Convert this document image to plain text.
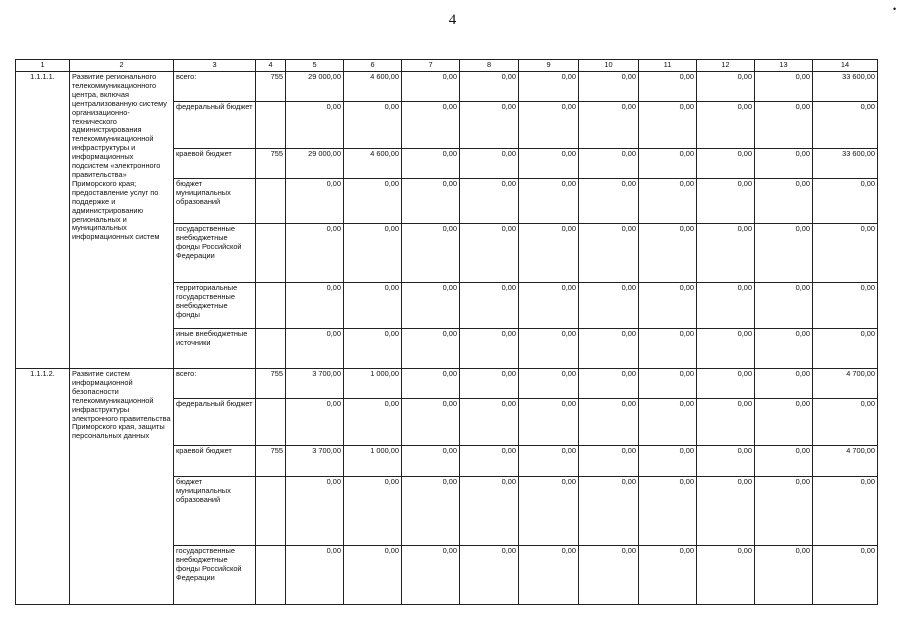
4
•
1	2	3	4	5	6	7	8	9	10	11	12	13	14
1.1.1.1.	Развитие регионального телекоммуникационного центра, включая централизованную систему организационно-технического администрирования телекоммуникационной инфраструктуры и информационных подсистем «электронного правительства» Приморского края; предоставление услуг по поддержке и администрированию региональных и муниципальных информационных систем	всего:	755	29 000,00	4 600,00	0,00	0,00	0,00	0,00	0,00	0,00	0,00	33 600,00
		федеральный бюджет		0,00	0,00	0,00	0,00	0,00	0,00	0,00	0,00	0,00	0,00
		краевой бюджет	755	29 000,00	4 600,00	0,00	0,00	0,00	0,00	0,00	0,00	0,00	33 600,00
		бюджет муниципальных образований		0,00	0,00	0,00	0,00	0,00	0,00	0,00	0,00	0,00	0,00
		государственные внебюджетные фонды Российской Федерации		0,00	0,00	0,00	0,00	0,00	0,00	0,00	0,00	0,00	0,00
		территориальные государственные внебюджетные фонды		0,00	0,00	0,00	0,00	0,00	0,00	0,00	0,00	0,00	0,00
		иные внебюджетные источники		0,00	0,00	0,00	0,00	0,00	0,00	0,00	0,00	0,00	0,00
1.1.1.2.	Развитие систем информационной безопасности телекоммуникационной инфраструктуры электронного правительства Приморского края, защиты персональных данных	всего:	755	3 700,00	1 000,00	0,00	0,00	0,00	0,00	0,00	0,00	0,00	4 700,00
		федеральный бюджет		0,00	0,00	0,00	0,00	0,00	0,00	0,00	0,00	0,00	0,00
		краевой бюджет	755	3 700,00	1 000,00	0,00	0,00	0,00	0,00	0,00	0,00	0,00	4 700,00
		бюджет муниципальных образований		0,00	0,00	0,00	0,00	0,00	0,00	0,00	0,00	0,00	0,00
		государственные внебюджетные фонды Российской Федерации		0,00	0,00	0,00	0,00	0,00	0,00	0,00	0,00	0,00	0,00
